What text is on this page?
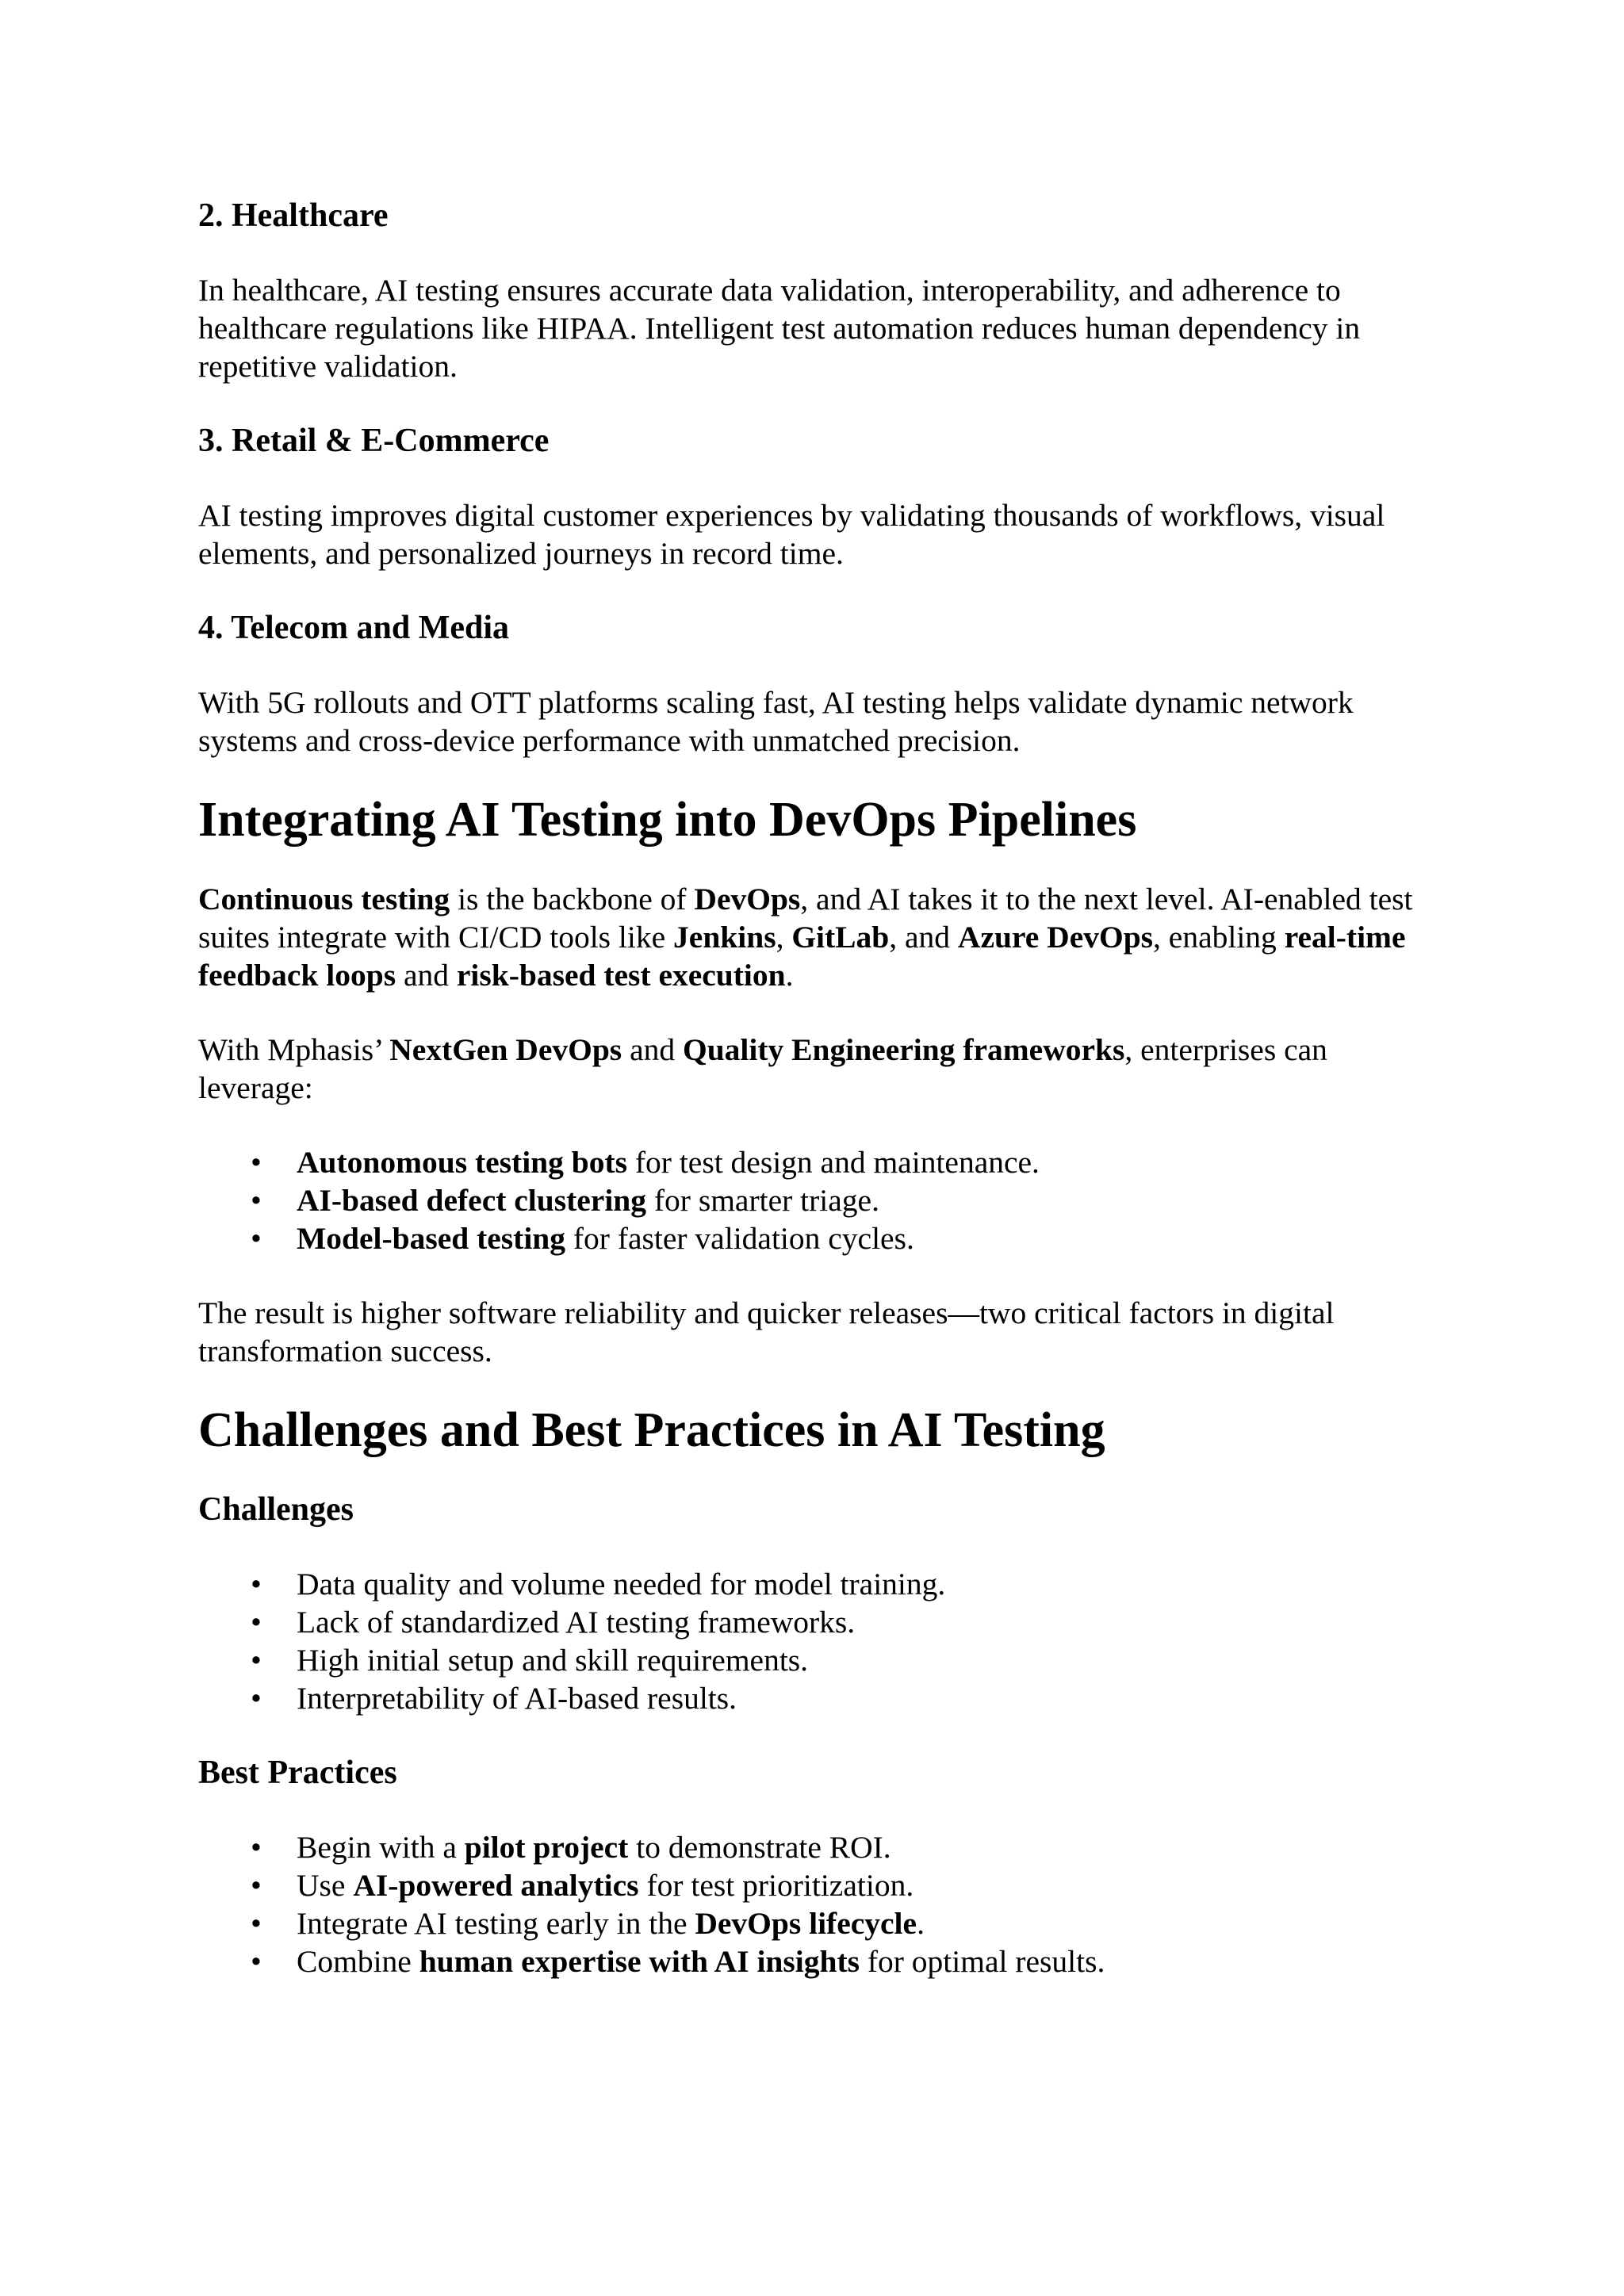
2. Healthcare

In healthcare, AI testing ensures accurate data validation, interoperability, and adherence to healthcare regulations like HIPAA. Intelligent test automation reduces human dependency in repetitive validation.

3. Retail & E-Commerce

AI testing improves digital customer experiences by validating thousands of workflows, visual elements, and personalized journeys in record time.

4. Telecom and Media

With 5G rollouts and OTT platforms scaling fast, AI testing helps validate dynamic network systems and cross-device performance with unmatched precision.

Integrating AI Testing into DevOps Pipelines

Continuous testing is the backbone of DevOps, and AI takes it to the next level. AI-enabled test suites integrate with CI/CD tools like Jenkins, GitLab, and Azure DevOps, enabling real-time feedback loops and risk-based test execution.

With Mphasis’ NextGen DevOps and Quality Engineering frameworks, enterprises can leverage:

• Autonomous testing bots for test design and maintenance.
• AI-based defect clustering for smarter triage.
• Model-based testing for faster validation cycles.

The result is higher software reliability and quicker releases—two critical factors in digital transformation success.

Challenges and Best Practices in AI Testing
Challenges
• Data quality and volume needed for model training.
• Lack of standardized AI testing frameworks.
• High initial setup and skill requirements.
• Interpretability of AI-based results.
Best Practices
• Begin with a pilot project to demonstrate ROI.
• Use AI-powered analytics for test prioritization.
• Integrate AI testing early in the DevOps lifecycle.
• Combine human expertise with AI insights for optimal results.
